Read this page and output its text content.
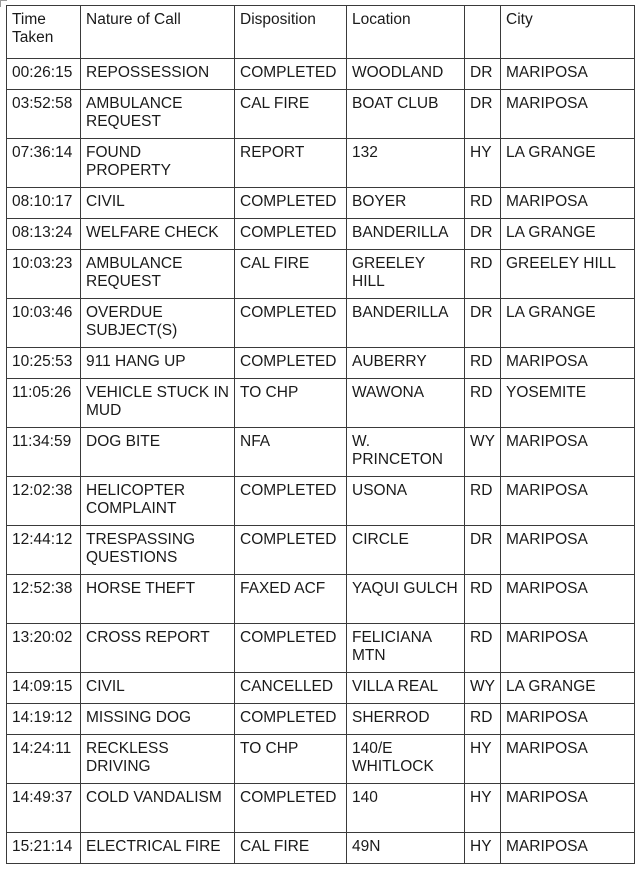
Time Taken	Nature of Call	Disposition	Location		City
00:26:15	REPOSSESSION	COMPLETED	WOODLAND	DR	MARIPOSA
03:52:58	AMBULANCE REQUEST	CAL FIRE	BOAT CLUB	DR	MARIPOSA
07:36:14	FOUND PROPERTY	REPORT	132	HY	LA GRANGE
08:10:17	CIVIL	COMPLETED	BOYER	RD	MARIPOSA
08:13:24	WELFARE CHECK	COMPLETED	BANDERILLA	DR	LA GRANGE
10:03:23	AMBULANCE REQUEST	CAL FIRE	GREELEY HILL	RD	GREELEY HILL
10:03:46	OVERDUE SUBJECT(S)	COMPLETED	BANDERILLA	DR	LA GRANGE
10:25:53	911 HANG UP	COMPLETED	AUBERRY	RD	MARIPOSA
11:05:26	VEHICLE STUCK IN MUD	TO CHP	WAWONA	RD	YOSEMITE
11:34:59	DOG BITE	NFA	W. PRINCETON	WY	MARIPOSA
12:02:38	HELICOPTER COMPLAINT	COMPLETED	USONA	RD	MARIPOSA
12:44:12	TRESPASSING QUESTIONS	COMPLETED	CIRCLE	DR	MARIPOSA
12:52:38	HORSE THEFT	FAXED ACF	YAQUI GULCH	RD	MARIPOSA
13:20:02	CROSS REPORT	COMPLETED	FELICIANA MTN	RD	MARIPOSA
14:09:15	CIVIL	CANCELLED	VILLA REAL	WY	LA GRANGE
14:19:12	MISSING DOG	COMPLETED	SHERROD	RD	MARIPOSA
14:24:11	RECKLESS DRIVING	TO CHP	140/E WHITLOCK	HY	MARIPOSA
14:49:37	COLD VANDALISM	COMPLETED	140	HY	MARIPOSA
15:21:14	ELECTRICAL FIRE	CAL FIRE	49N	HY	MARIPOSA
